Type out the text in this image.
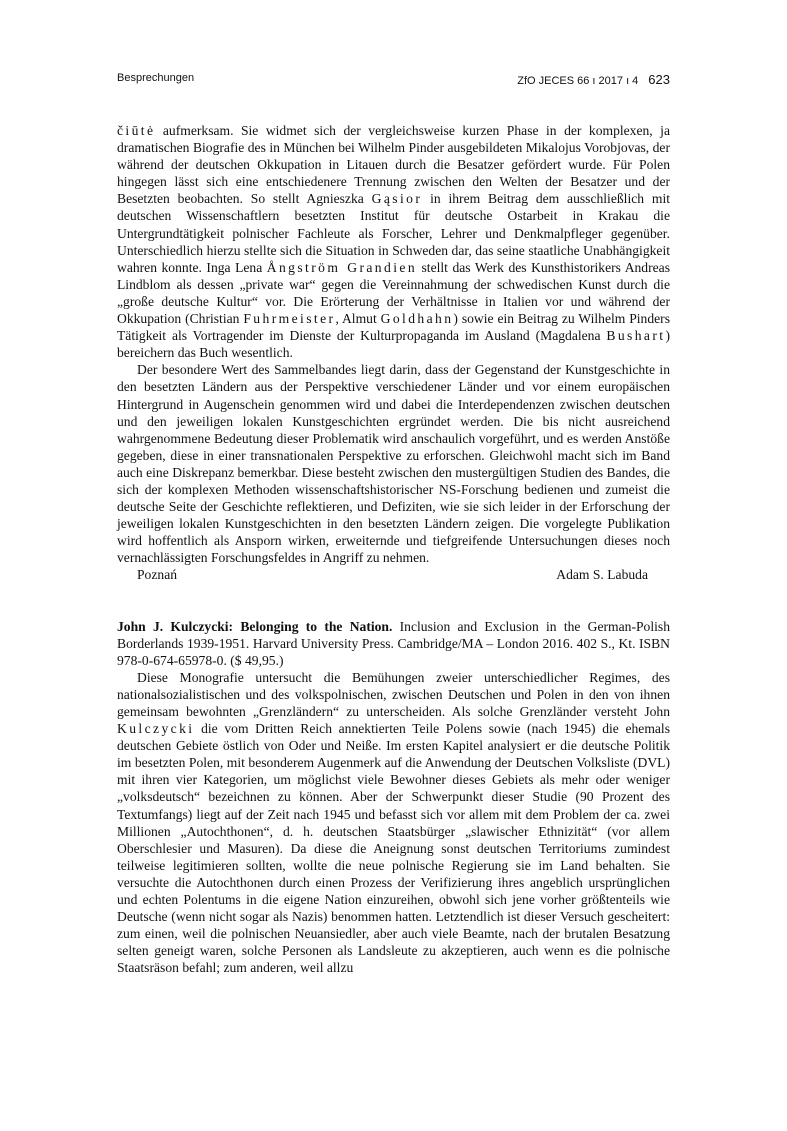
Besprechungen	ZfO JECES 66 ı 2017 ı 4 623

čiūtė aufmerksam. Sie widmet sich der vergleichsweise kurzen Phase in der komplexen, ja dramatischen Biografie des in München bei Wilhelm Pinder ausgebildeten Mikalojus Vorobjovas, der während der deutschen Okkupation in Litauen durch die Besatzer gefördert wurde. Für Polen hingegen lässt sich eine entschiedenere Trennung zwischen den Welten der Besatzer und der Besetzten beobachten. So stellt Agnieszka Gąsior in ihrem Beitrag dem ausschließlich mit deutschen Wissenschaftlern besetzten Institut für deutsche Ostarbeit in Krakau die Untergrundtätigkeit polnischer Fachleute als Forscher, Lehrer und Denkmalpfleger gegenüber. Unterschiedlich hierzu stellte sich die Situation in Schweden dar, das seine staatliche Unabhängigkeit wahren konnte. Inga Lena Ångström Grandien stellt das Werk des Kunsthistorikers Andreas Lindblom als dessen „private war“ gegen die Vereinnahmung der schwedischen Kunst durch die „große deutsche Kultur“ vor. Die Erörterung der Verhältnisse in Italien vor und während der Okkupation (Christian Fuhrmeister, Almut Goldhahn) sowie ein Beitrag zu Wilhelm Pinders Tätigkeit als Vortragender im Dienste der Kulturpropaganda im Ausland (Magdalena Bushart) bereichern das Buch wesentlich.

Der besondere Wert des Sammelbandes liegt darin, dass der Gegenstand der Kunstgeschichte in den besetzten Ländern aus der Perspektive verschiedener Länder und vor einem europäischen Hintergrund in Augenschein genommen wird und dabei die Interdependenzen zwischen deutschen und den jeweiligen lokalen Kunstgeschichten ergründet werden. Die bis nicht ausreichend wahrgenommene Bedeutung dieser Problematik wird anschaulich vorgeführt, und es werden Anstöße gegeben, diese in einer transnationalen Perspektive zu erforschen. Gleichwohl macht sich im Band auch eine Diskrepanz bemerkbar. Diese besteht zwischen den mustergültigen Studien des Bandes, die sich der komplexen Methoden wissenschaftshistorischer NS-Forschung bedienen und zumeist die deutsche Seite der Geschichte reflektieren, und Defiziten, wie sie sich leider in der Erforschung der jeweiligen lokalen Kunstgeschichten in den besetzten Ländern zeigen. Die vorgelegte Publikation wird hoffentlich als Ansporn wirken, erweiternde und tiefgreifende Untersuchungen dieses noch vernachlässigten Forschungsfeldes in Angriff zu nehmen.

Poznań	Adam S. Labuda

John J. Kulczycki: Belonging to the Nation. Inclusion and Exclusion in the German-Polish Borderlands 1939-1951. Harvard University Press. Cambridge/MA – London 2016. 402 S., Kt. ISBN 978-0-674-65978-0. ($ 49,95.)

Diese Monografie untersucht die Bemühungen zweier unterschiedlicher Regimes, des nationalsozialistischen und des volkspolnischen, zwischen Deutschen und Polen in den von ihnen gemeinsam bewohnten „Grenzländern“ zu unterscheiden. Als solche Grenzländer versteht John Kulczycki die vom Dritten Reich annektierten Teile Polens sowie (nach 1945) die ehemals deutschen Gebiete östlich von Oder und Neiße. Im ersten Kapitel analysiert er die deutsche Politik im besetzten Polen, mit besonderem Augenmerk auf die Anwendung der Deutschen Volksliste (DVL) mit ihren vier Kategorien, um möglichst viele Bewohner dieses Gebiets als mehr oder weniger „volksdeutsch“ bezeichnen zu können. Aber der Schwerpunkt dieser Studie (90 Prozent des Textumfangs) liegt auf der Zeit nach 1945 und befasst sich vor allem mit dem Problem der ca. zwei Millionen „Autochthonen“, d. h. deutschen Staatsbürger „slawischer Ethnizität“ (vor allem Oberschlesier und Masuren). Da diese die Aneignung sonst deutschen Territoriums zumindest teilweise legitimieren sollten, wollte die neue polnische Regierung sie im Land behalten. Sie versuchte die Autochthonen durch einen Prozess der Verifizierung ihres angeblich ursprünglichen und echten Polentums in die eigene Nation einzureihen, obwohl sich jene vorher größtenteils wie Deutsche (wenn nicht sogar als Nazis) benommen hatten. Letztendlich ist dieser Versuch gescheitert: zum einen, weil die polnischen Neuansiedler, aber auch viele Beamte, nach der brutalen Besatzung selten geneigt waren, solche Personen als Landsleute zu akzeptieren, auch wenn es die polnische Staatsräson befahl; zum anderen, weil allzu
